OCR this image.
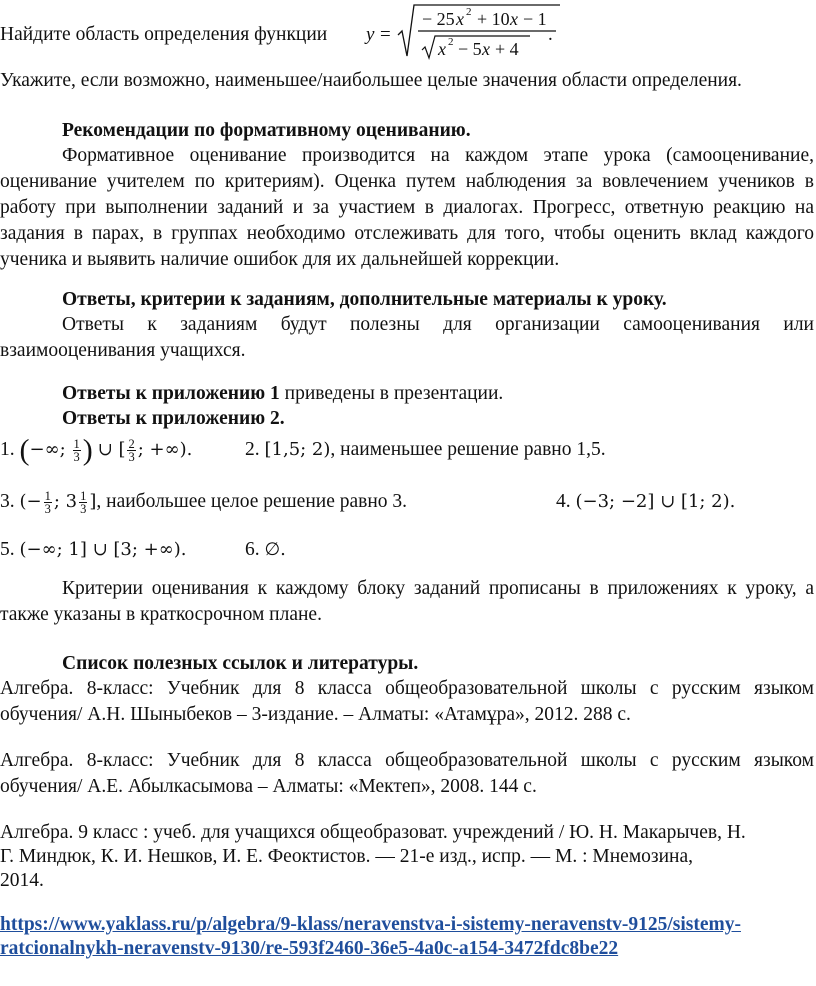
Найдите область определения функции y =
− 25 x 2 + 10 x − 1
x 2 − 5 x + 4
.
Укажите, если возможно, наименьшее/наибольшее целые значения области определения.
Рекомендации по формативному оцениванию.
Формативное оценивание производится на каждом этапе урока (самооценивание, оценивание учителем по критериям). Оценка путем наблюдения за вовлечением учеников в работу при выполнении заданий и за участием в диалогах. Прогресс, ответную реакцию на задания в парах, в группах необходимо отслеживать для того, чтобы оценить вклад каждого ученика и выявить наличие ошибок для их дальнейшей коррекции.
Ответы, критерии к заданиям, дополнительные материалы к уроку.
Ответы к заданиям будут полезны для организации самооценивания или взаимооценивания учащихся.
Ответы к приложению 1 приведены в презентации.
Ответы к приложению 2.
1. (−∞; $\frac{1}{3}$ ) ∪ [ $\frac{2}{3}$ ; +∞).	2. [1,5; 2), наименьшее решение равно 1,5.
3. (− $\frac{1}{3}$ ; $3 \frac{1}{3}$ ], наибольшее целое решение равно 3.	4. (−3; −2] ∪ [1; 2).
5. (−∞; 1] ∪ [3; +∞).	6. ∅.
Критерии оценивания к каждому блоку заданий прописаны в приложениях к уроку, а также указаны в краткосрочном плане.
Список полезных ссылок и литературы.
Алгебра. 8-класс: Учебник для 8 класса общеобразовательной школы с русским языком обучения/ А.Н. Шыныбеков – 3-издание. – Алматы: «Атамұра», 2012. 288 с.
Алгебра. 8-класс: Учебник для 8 класса общеобразовательной школы с русским языком обучения/ А.Е. Абылкасымова – Алматы: «Мектеп», 2008. 144 с.
Алгебра. 9 класс : учеб. для учащихся общеобразоват. учреждений / Ю. Н. Макарычев, Н.
Г. Миндюк, К. И. Нешков, И. Е. Феоктистов. — 21-е изд., испр. — М. : Мнемозина,
2014.
https://www.yaklass.ru/p/algebra/9-klass/neravenstva-i-sistemy-neravenstv-9125/sistemy-
ratcionalnykh-neravenstv-9130/re-593f2460-36e5-4a0c-a154-3472fdc8be22
